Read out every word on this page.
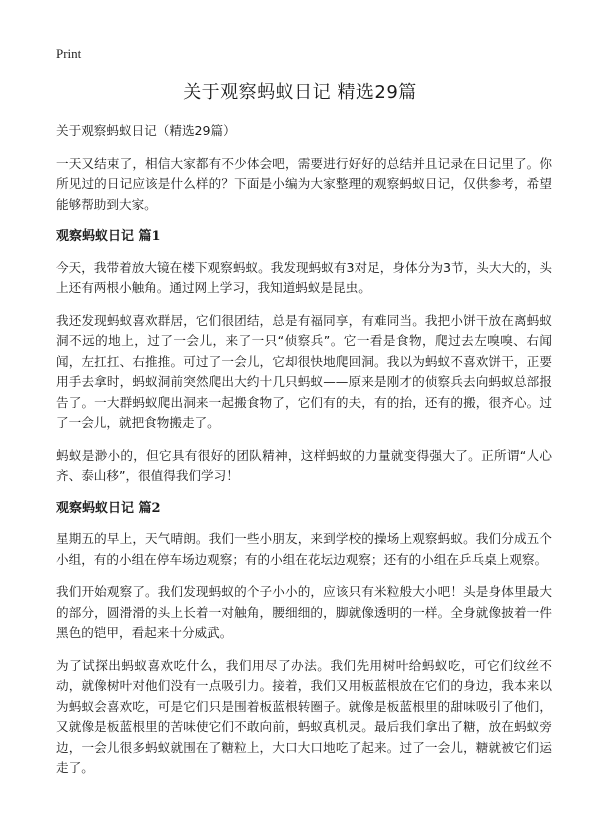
Print
关于观察蚂蚁日记 精选29篇

关于观察蚂蚁日记（精选29篇）

一天又结束了，相信大家都有不少体会吧，需要进行好好的总结并且记录在日记里了。你所见过的日记应该是什么样的？下面是小编为大家整理的观察蚂蚁日记，仅供参考，希望能够帮助到大家。

观察蚂蚁日记 篇1

今天，我带着放大镜在楼下观察蚂蚁。我发现蚂蚁有3对足，身体分为3节，头大大的，头上还有两根小触角。通过网上学习，我知道蚂蚁是昆虫。

我还发现蚂蚁喜欢群居，它们很团结，总是有福同享，有难同当。我把小饼干放在离蚂蚁洞不远的地上，过了一会儿，来了一只“侦察兵”。它一看是食物，爬过去左嗅嗅、右闻闻，左扛扛、右推推。可过了一会儿，它却很快地爬回洞。我以为蚂蚁不喜欢饼干，正要用手去拿时，蚂蚁洞前突然爬出大约十几只蚂蚁——原来是刚才的侦察兵去向蚂蚁总部报告了。一大群蚂蚁爬出洞来一起搬食物了，它们有的夫，有的抬，还有的搬，很齐心。过了一会儿，就把食物搬走了。

蚂蚁是渺小的，但它具有很好的团队精神，这样蚂蚁的力量就变得强大了。正所谓“人心齐、泰山移”，很值得我们学习！

观察蚂蚁日记 篇2

星期五的早上，天气晴朗。我们一些小朋友，来到学校的操场上观察蚂蚁。我们分成五个小组，有的小组在停车场边观察；有的小组在花坛边观察；还有的小组在乒乓桌上观察。

我们开始观察了。我们发现蚂蚁的个子小小的，应该只有米粒般大小吧！头是身体里最大的部分，圆滑滑的头上长着一对触角，腰细细的，脚就像透明的一样。全身就像披着一件黑色的铠甲，看起来十分威武。

为了试探出蚂蚁喜欢吃什么，我们用尽了办法。我们先用树叶给蚂蚁吃，可它们纹丝不动，就像树叶对他们没有一点吸引力。接着，我们又用板蓝根放在它们的身边，我本来以为蚂蚁会喜欢吃，可是它们只是围着板蓝根转圈子。就像是板蓝根里的甜味吸引了他们，又就像是板蓝根里的苦味使它们不敢向前，蚂蚁真机灵。最后我们拿出了糖，放在蚂蚁旁边，一会儿很多蚂蚁就围在了糖粒上，大口大口地吃了起来。过了一会儿，糖就被它们运走了。
